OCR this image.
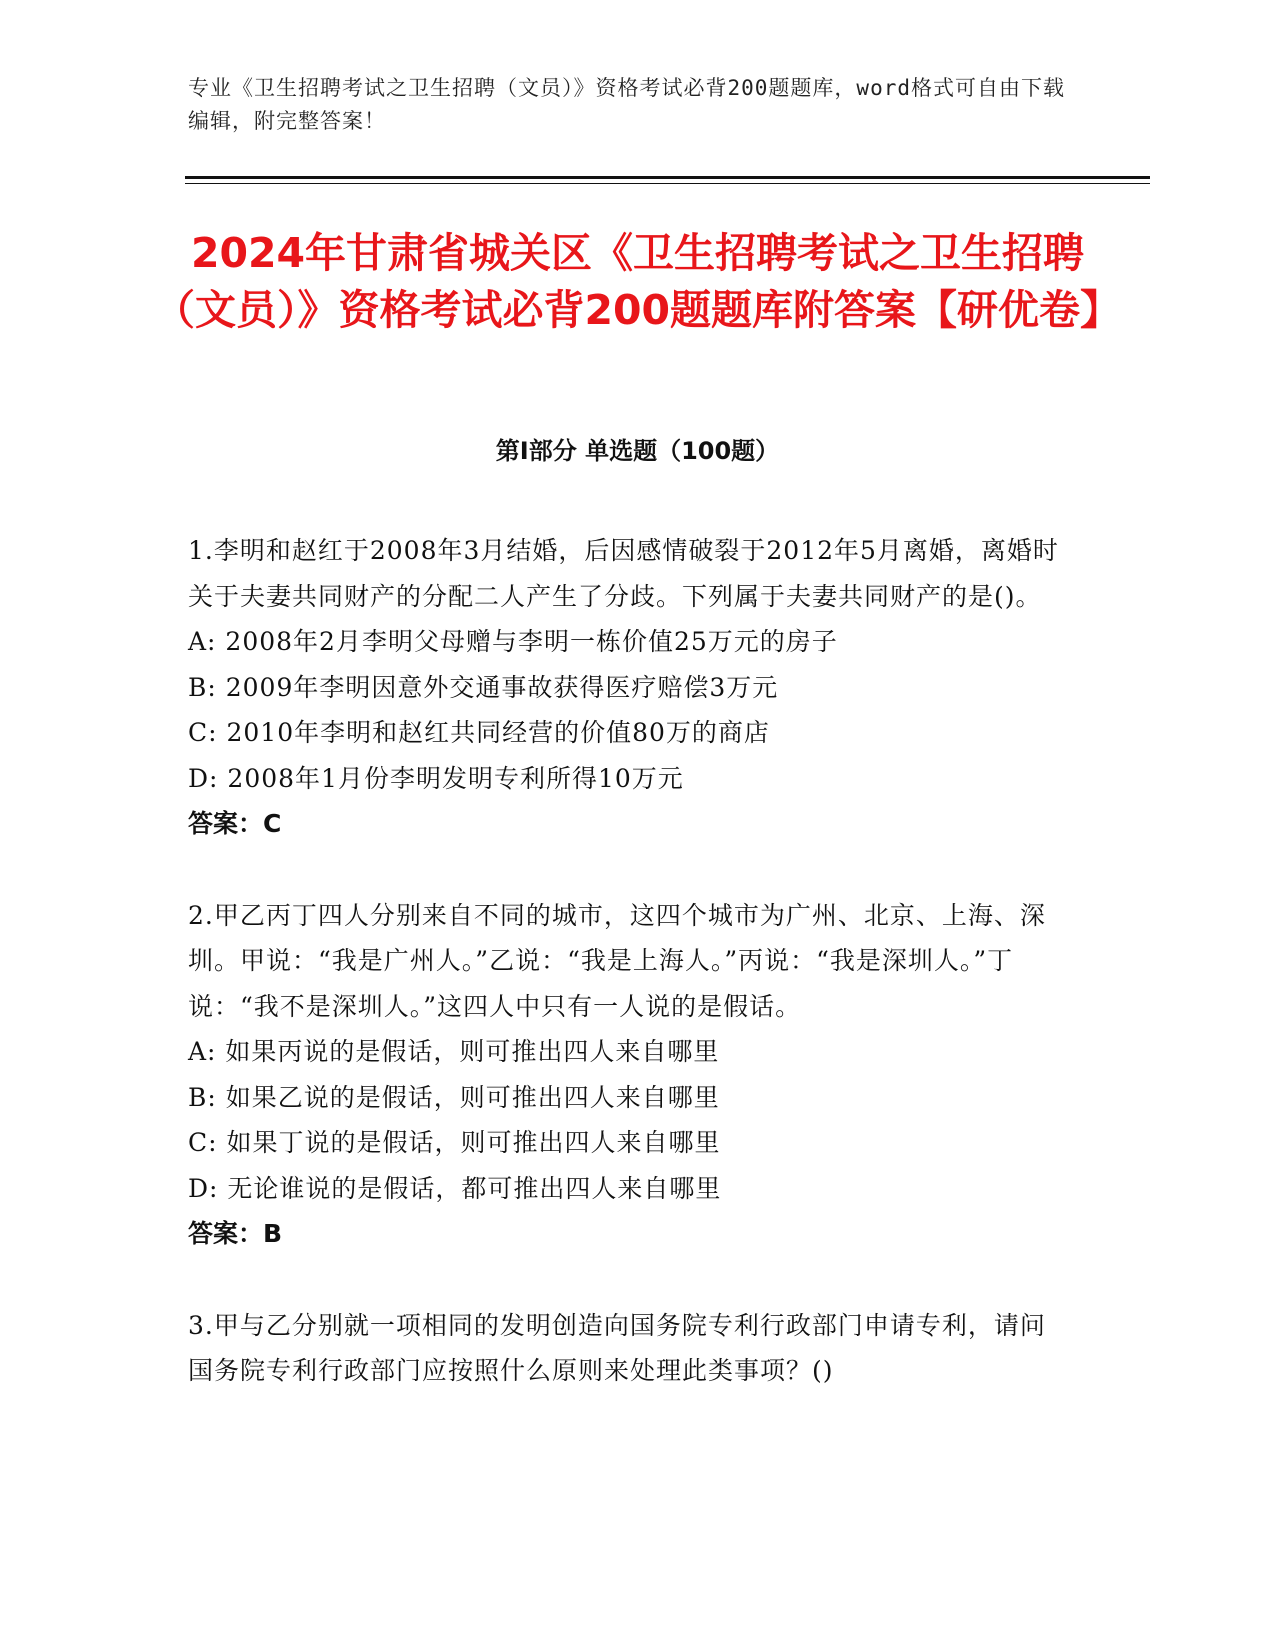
专业《卫生招聘考试之卫生招聘（文员）》资格考试必背200题题库，word格式可自由下载编辑，附完整答案！
2024年甘肃省城关区《卫生招聘考试之卫生招聘（文员）》资格考试必背200题题库附答案【研优卷】
第I部分 单选题（100题）
1.李明和赵红于2008年3月结婚，后因感情破裂于2012年5月离婚，离婚时关于夫妻共同财产的分配二人产生了分歧。下列属于夫妻共同财产的是()。
A: 2008年2月李明父母赠与李明一栋价值25万元的房子
B: 2009年李明因意外交通事故获得医疗赔偿3万元
C: 2010年李明和赵红共同经营的价值80万的商店
D: 2008年1月份李明发明专利所得10万元
答案：C
2.甲乙丙丁四人分别来自不同的城市，这四个城市为广州、北京、上海、深圳。甲说：“我是广州人。”乙说：“我是上海人。”丙说：“我是深圳人。”丁说：“我不是深圳人。”这四人中只有一人说的是假话。
A: 如果丙说的是假话，则可推出四人来自哪里
B: 如果乙说的是假话，则可推出四人来自哪里
C: 如果丁说的是假话，则可推出四人来自哪里
D: 无论谁说的是假话，都可推出四人来自哪里
答案：B
3.甲与乙分别就一项相同的发明创造向国务院专利行政部门申请专利，请问国务院专利行政部门应按照什么原则来处理此类事项？()
